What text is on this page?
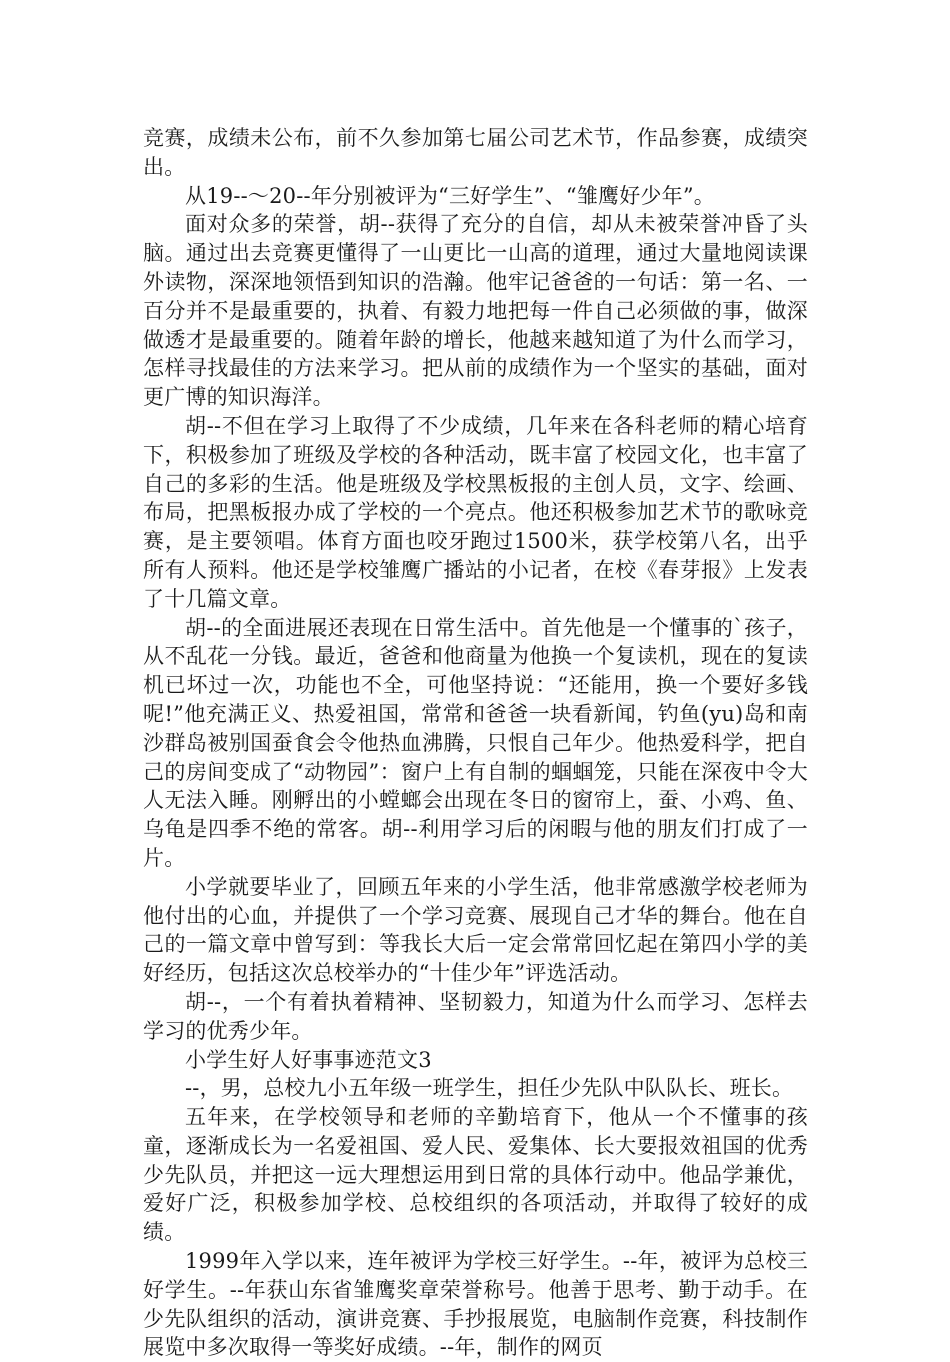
竞赛，成绩未公布，前不久参加第七届公司艺术节，作品参赛，成绩突出。

从19--～20--年分别被评为“三好学生”、“雏鹰好少年”。

面对众多的荣誉，胡--获得了充分的自信，却从未被荣誉冲昏了头脑。通过出去竞赛更懂得了一山更比一山高的道理，通过大量地阅读课外读物，深深地领悟到知识的浩瀚。他牢记爸爸的一句话：第一名、一百分并不是最重要的，执着、有毅力地把每一件自己必须做的事，做深做透才是最重要的。随着年龄的增长，他越来越知道了为什么而学习，怎样寻找最佳的方法来学习。把从前的成绩作为一个坚实的基础，面对更广博的知识海洋。

胡--不但在学习上取得了不少成绩，几年来在各科老师的精心培育下，积极参加了班级及学校的各种活动，既丰富了校园文化，也丰富了自己的多彩的生活。他是班级及学校黑板报的主创人员，文字、绘画、布局，把黑板报办成了学校的一个亮点。他还积极参加艺术节的歌咏竞赛，是主要领唱。体育方面也咬牙跑过1500米，获学校第八名，出乎所有人预料。他还是学校雏鹰广播站的小记者，在校《春芽报》上发表了十几篇文章。

胡--的全面进展还表现在日常生活中。首先他是一个懂事的`孩子，从不乱花一分钱。最近，爸爸和他商量为他换一个复读机，现在的复读机已坏过一次，功能也不全，可他坚持说：“还能用，换一个要好多钱呢!”他充满正义、热爱祖国，常常和爸爸一块看新闻，钓鱼(yu)岛和南沙群岛被别国蚕食会令他热血沸腾，只恨自己年少。他热爱科学，把自己的房间变成了“动物园”：窗户上有自制的蝈蝈笼，只能在深夜中令大人无法入睡。刚孵出的小螳螂会出现在冬日的窗帘上，蚕、小鸡、鱼、乌龟是四季不绝的常客。胡--利用学习后的闲暇与他的朋友们打成了一片。

小学就要毕业了，回顾五年来的小学生活，他非常感激学校老师为他付出的心血，并提供了一个学习竞赛、展现自己才华的舞台。他在自己的一篇文章中曾写到：等我长大后一定会常常回忆起在第四小学的美好经历，包括这次总校举办的“十佳少年”评选活动。

胡--，一个有着执着精神、坚韧毅力，知道为什么而学习、怎样去学习的优秀少年。

小学生好人好事事迹范文3

--，男，总校九小五年级一班学生，担任少先队中队队长、班长。

五年来，在学校领导和老师的辛勤培育下，他从一个不懂事的孩童，逐渐成长为一名爱祖国、爱人民、爱集体、长大要报效祖国的优秀少先队员，并把这一远大理想运用到日常的具体行动中。他品学兼优，爱好广泛，积极参加学校、总校组织的各项活动，并取得了较好的成绩。

1999年入学以来，连年被评为学校三好学生。--年，被评为总校三好学生。--年获山东省雏鹰奖章荣誉称号。他善于思考、勤于动手。在少先队组织的活动，演讲竞赛、手抄报展览，电脑制作竞赛，科技制作展览中多次取得一等奖好成绩。--年，制作的网页
